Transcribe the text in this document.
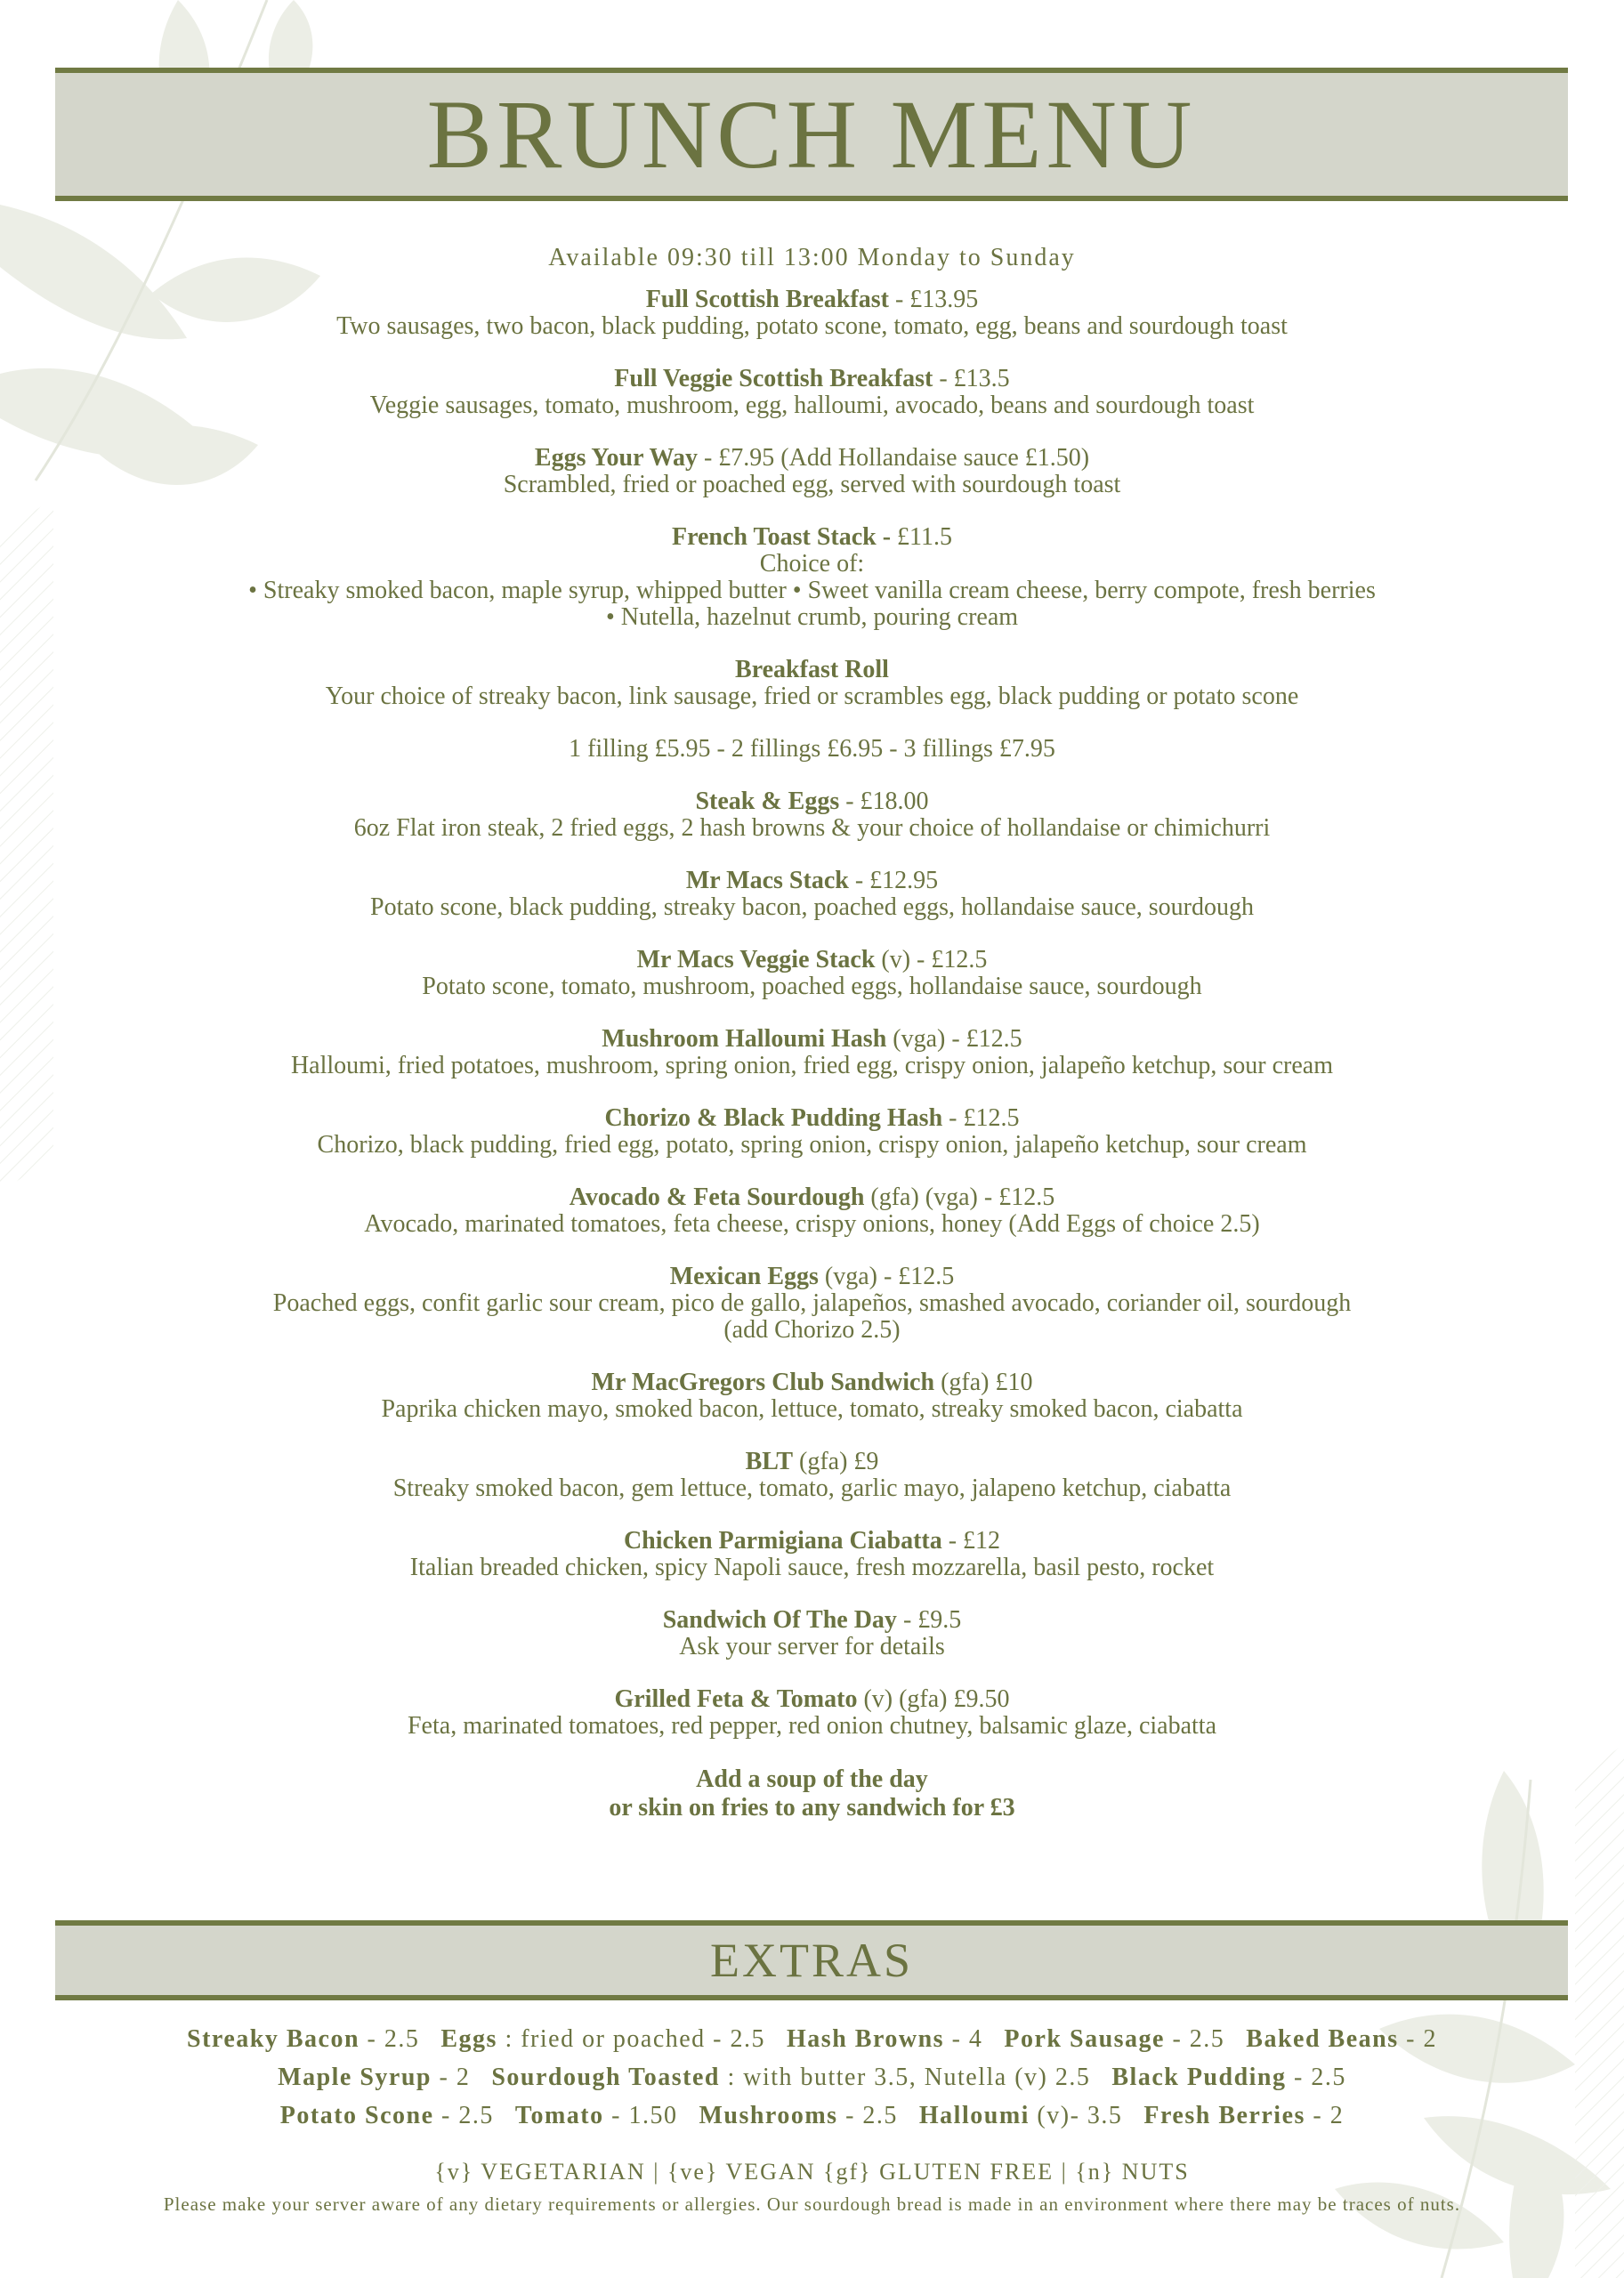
BRUNCH MENU
Available 09:30 till 13:00 Monday to Sunday
Full Scottish Breakfast - £13.95
Two sausages, two bacon, black pudding, potato scone, tomato, egg, beans and sourdough toast
Full Veggie Scottish Breakfast - £13.5
Veggie sausages, tomato, mushroom, egg, halloumi, avocado, beans and sourdough toast
Eggs Your Way - £7.95 (Add Hollandaise sauce £1.50)
Scrambled, fried or poached egg, served with sourdough toast
French Toast Stack - £11.5
Choice of:
• Streaky smoked bacon, maple syrup, whipped butter • Sweet vanilla cream cheese, berry compote, fresh berries
• Nutella, hazelnut crumb, pouring cream
Breakfast Roll
Your choice of streaky bacon, link sausage, fried or scrambles egg, black pudding or potato scone
1 filling £5.95 - 2 fillings £6.95 - 3 fillings £7.95
Steak & Eggs - £18.00
6oz Flat iron steak, 2 fried eggs, 2 hash browns & your choice of hollandaise or chimichurri
Mr Macs Stack - £12.95
Potato scone, black pudding, streaky bacon, poached eggs, hollandaise sauce, sourdough
Mr Macs Veggie Stack (v) - £12.5
Potato scone, tomato, mushroom, poached eggs, hollandaise sauce, sourdough
Mushroom Halloumi Hash (vga) - £12.5
Halloumi, fried potatoes, mushroom, spring onion, fried egg, crispy onion, jalapeño ketchup, sour cream
Chorizo & Black Pudding Hash - £12.5
Chorizo, black pudding, fried egg, potato, spring onion, crispy onion, jalapeño ketchup, sour cream
Avocado & Feta Sourdough (gfa) (vga) - £12.5
Avocado, marinated tomatoes, feta cheese, crispy onions, honey (Add Eggs of choice 2.5)
Mexican Eggs (vga) - £12.5
Poached eggs, confit garlic sour cream, pico de gallo, jalapeños, smashed avocado, coriander oil, sourdough
(add Chorizo 2.5)
Mr MacGregors Club Sandwich (gfa) £10
Paprika chicken mayo, smoked bacon, lettuce, tomato, streaky smoked bacon, ciabatta
BLT (gfa) £9
Streaky smoked bacon, gem lettuce, tomato, garlic mayo, jalapeno ketchup, ciabatta
Chicken Parmigiana Ciabatta - £12
Italian breaded chicken, spicy Napoli sauce, fresh mozzarella, basil pesto, rocket
Sandwich Of The Day - £9.5
Ask your server for details
Grilled Feta & Tomato (v) (gfa) £9.50
Feta, marinated tomatoes, red pepper, red onion chutney, balsamic glaze, ciabatta
Add a soup of the day
or skin on fries to any sandwich for £3
EXTRAS
Streaky Bacon - 2.5 Eggs : fried or poached - 2.5 Hash Browns - 4 Pork Sausage - 2.5 Baked Beans - 2
Maple Syrup - 2 Sourdough Toasted : with butter 3.5, Nutella (v) 2.5 Black Pudding - 2.5
Potato Scone - 2.5 Tomato - 1.50 Mushrooms - 2.5 Halloumi (v)- 3.5 Fresh Berries - 2
{v} VEGETARIAN | {ve} VEGAN {gf} GLUTEN FREE | {n} NUTS
Please make your server aware of any dietary requirements or allergies. Our sourdough bread is made in an environment where there may be traces of nuts.
